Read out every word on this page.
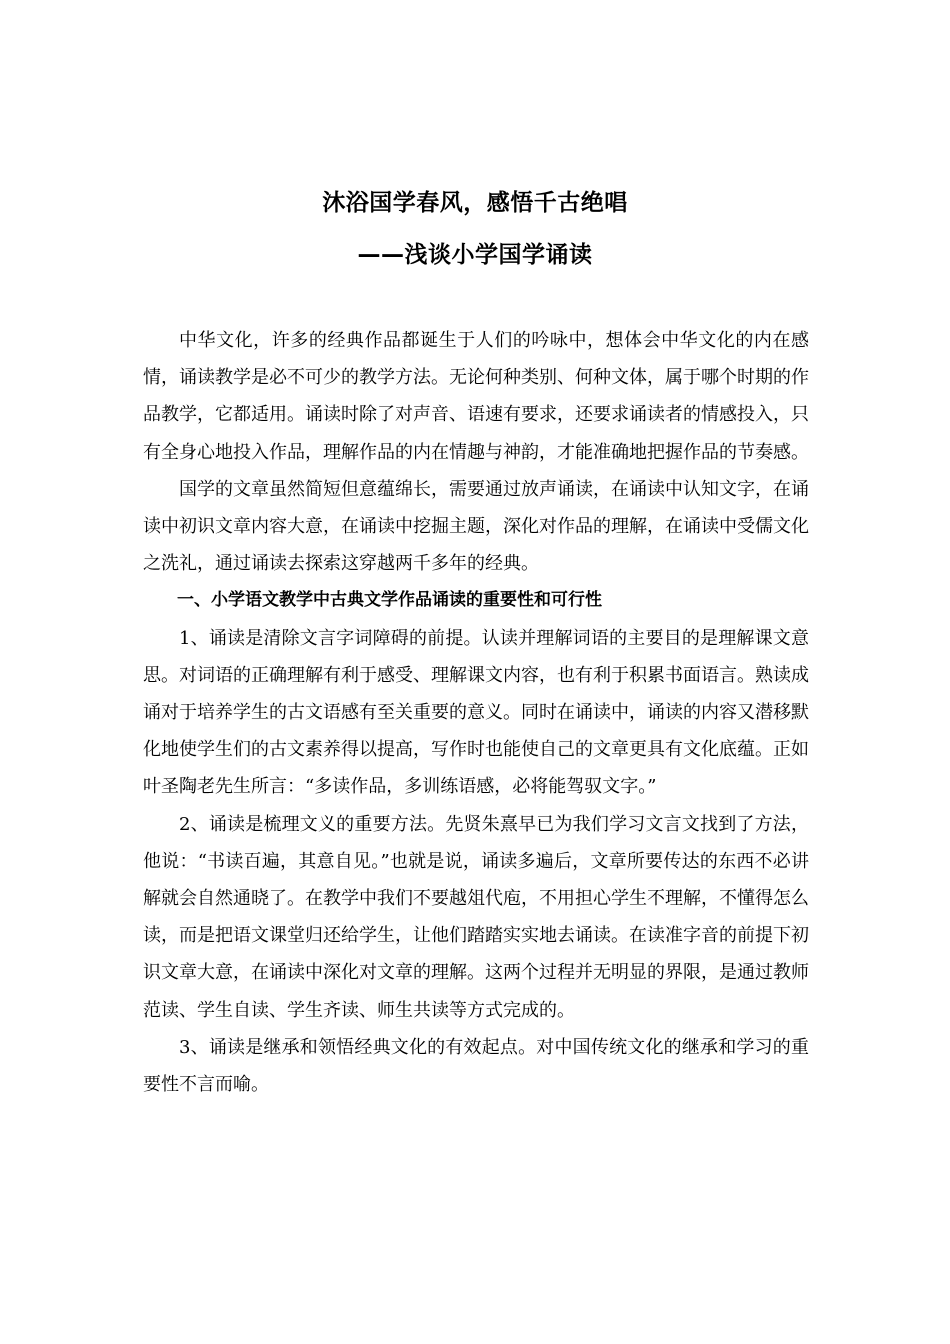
沐浴国学春风，感悟千古绝唱
——浅谈小学国学诵读

中华文化，许多的经典作品都诞生于人们的吟咏中，想体会中华文化的内在感情，诵读教学是必不可少的教学方法。无论何种类别、何种文体，属于哪个时期的作品教学，它都适用。诵读时除了对声音、语速有要求，还要求诵读者的情感投入，只有全身心地投入作品，理解作品的内在情趣与神韵，才能准确地把握作品的节奏感。

国学的文章虽然简短但意蕴绵长，需要通过放声诵读，在诵读中认知文字，在诵读中初识文章内容大意，在诵读中挖掘主题，深化对作品的理解，在诵读中受儒文化之洗礼，通过诵读去探索这穿越两千多年的经典。

一、小学语文教学中古典文学作品诵读的重要性和可行性

1、诵读是清除文言字词障碍的前提。认读并理解词语的主要目的是理解课文意思。对词语的正确理解有利于感受、理解课文内容，也有利于积累书面语言。熟读成诵对于培养学生的古文语感有至关重要的意义。同时在诵读中，诵读的内容又潜移默化地使学生们的古文素养得以提高，写作时也能使自己的文章更具有文化底蕴。正如叶圣陶老先生所言：“多读作品，多训练语感，必将能驾驭文字。”

2、诵读是梳理文义的重要方法。先贤朱熹早已为我们学习文言文找到了方法，他说：“书读百遍，其意自见。”也就是说，诵读多遍后，文章所要传达的东西不必讲解就会自然通晓了。在教学中我们不要越俎代庖，不用担心学生不理解，不懂得怎么读，而是把语文课堂归还给学生，让他们踏踏实实地去诵读。在读准字音的前提下初识文章大意，在诵读中深化对文章的理解。这两个过程并无明显的界限，是通过教师范读、学生自读、学生齐读、师生共读等方式完成的。

3、诵读是继承和领悟经典文化的有效起点。对中国传统文化的继承和学习的重要性不言而喻。
